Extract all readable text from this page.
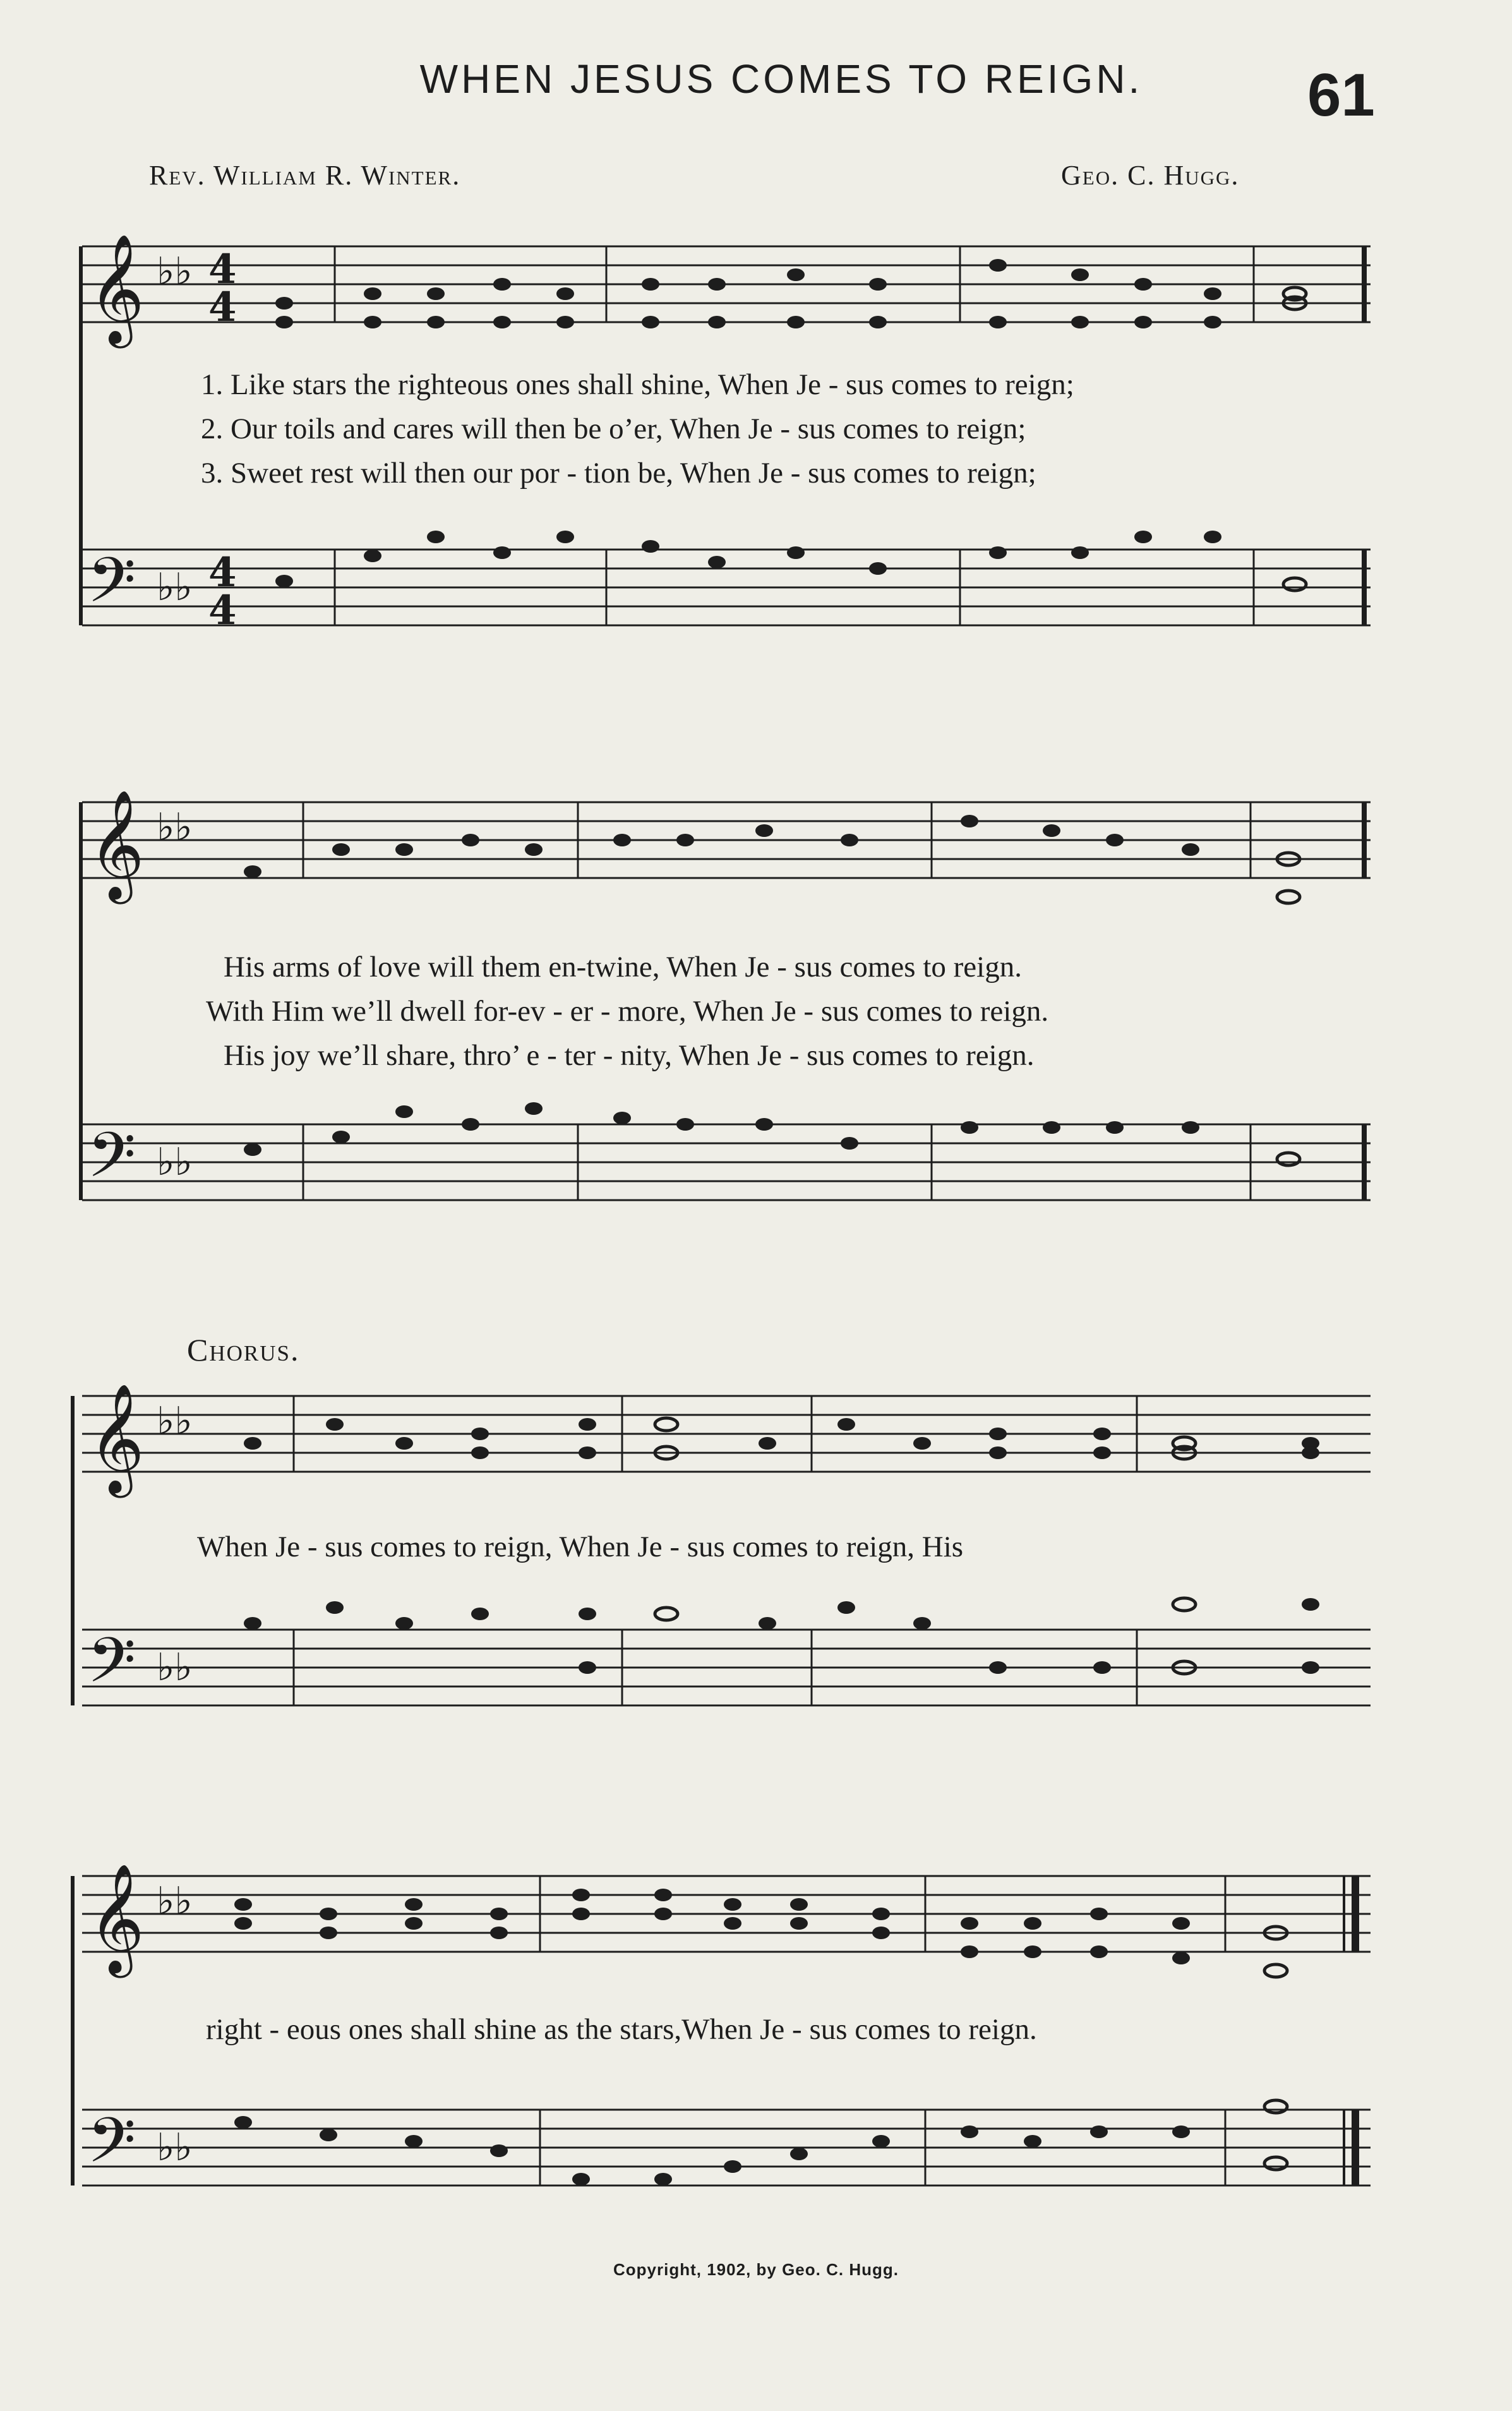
WHEN JESUS COMES TO REIGN.	61
Rev. William R. Winter.	Geo. C. Hugg.
𝄞
𝄢
♭♭
♭♭
4
4
4
4
1. Like stars the righteous ones shall shine, When Je - sus comes to reign;
2. Our toils and cares will then be o’er, When Je - sus comes to reign;
3. Sweet rest will then our por - tion be, When Je - sus comes to reign;
𝄞
𝄢
♭♭
♭♭
His arms of love will them en-twine, When Je - sus comes to reign.
With Him we’ll dwell for-ev - er - more, When Je - sus comes to reign.
His joy we’ll share, thro’ e - ter - nity, When Je - sus comes to reign.
Chorus.
𝄞
𝄢
♭♭
♭♭
When Je - sus comes to reign, When Je - sus comes to reign, His
𝄞
𝄢
♭♭
♭♭
right - eous ones shall shine as the stars,When Je - sus comes to reign.
Copyright, 1902, by Geo. C. Hugg.
